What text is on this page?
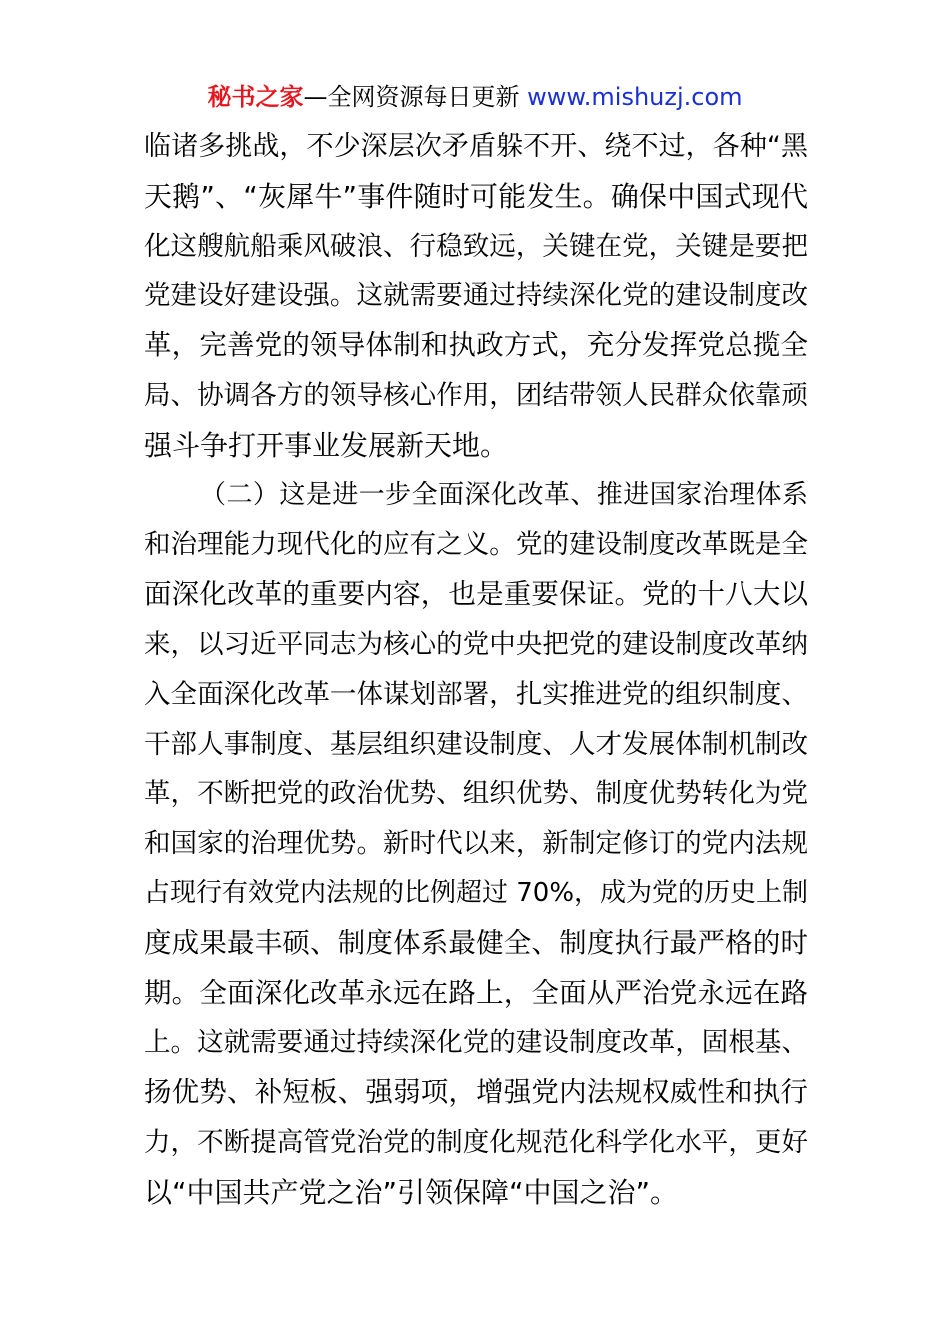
秘书之家—全网资源每日更新 www.mishuzj.com
临诸多挑战，不少深层次矛盾躲不开、绕不过，各种“黑
天鹅”、“灰犀牛”事件随时可能发生。确保中国式现代
化这艘航船乘风破浪、行稳致远，关键在党，关键是要把
党建设好建设强。这就需要通过持续深化党的建设制度改
革，完善党的领导体制和执政方式，充分发挥党总揽全
局、协调各方的领导核心作用，团结带领人民群众依靠顽
强斗争打开事业发展新天地。
（二）这是进一步全面深化改革、推进国家治理体系
和治理能力现代化的应有之义。党的建设制度改革既是全
面深化改革的重要内容，也是重要保证。党的十八大以
来，以习近平同志为核心的党中央把党的建设制度改革纳
入全面深化改革一体谋划部署，扎实推进党的组织制度、
干部人事制度、基层组织建设制度、人才发展体制机制改
革，不断把党的政治优势、组织优势、制度优势转化为党
和国家的治理优势。新时代以来，新制定修订的党内法规
占现行有效党内法规的比例超过 70%，成为党的历史上制
度成果最丰硕、制度体系最健全、制度执行最严格的时
期。全面深化改革永远在路上，全面从严治党永远在路
上。这就需要通过持续深化党的建设制度改革，固根基、
扬优势、补短板、强弱项，增强党内法规权威性和执行
力，不断提高管党治党的制度化规范化科学化水平，更好
以“中国共产党之治”引领保障“中国之治”。
